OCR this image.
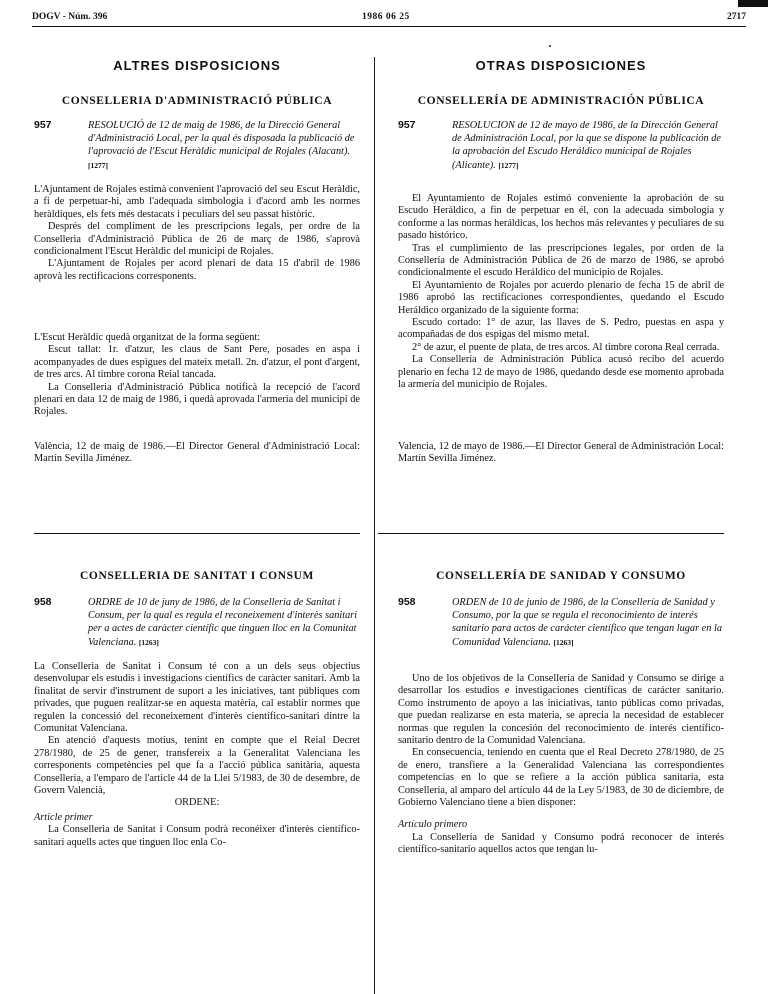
DOGV - Núm. 396	1986 06 25	2717
ALTRES DISPOSICIONS
CONSELLERIA D'ADMINISTRACIÓ PÚBLICA
957	RESOLUCIÓ de 12 de maig de 1986, de la Direcció General d'Administració Local, per la qual és disposada la publicació de l'aprovació de l'Escut Heràldic municipal de Rojales (Alacant). [1277]

L'Ajuntament de Rojales estimà convenient l'aprovació del seu Escut Heràldic, a fi de perpetuar-hi, amb l'adequada simbologia i d'acord amb les normes heràldiques, els fets més destacats i peculiars del seu passat històric.

Després del compliment de les prescripcions legals, per ordre de la Conselleria d'Administració Pública de 26 de març de 1986, s'aprovà condicionalment l'Escut Heràldic del municipi de Rojales.

L'Ajuntament de Rojales per acord plenari de data 15 d'abril de 1986 aprovà les rectificacions corresponents.

L'Escut Heràldic quedà organitzat de la forma següent:

Escut tallat: 1r. d'atzur, les claus de Sant Pere, posades en aspa i acompanyades de dues espigues del mateix metall. 2n. d'atzur, el pont d'argent, de tres arcs. Al timbre corona Reial tancada.

La Conselleria d'Administració Pública notificà la recepció de l'acord plenari en data 12 de maig de 1986, i quedà aprovada l'armeria del municipi de Rojales.

València, 12 de maig de 1986.—El Director General d'Administració Local: Martín Sevilla Jiménez.

CONSELLERIA DE SANITAT I CONSUM
958	ORDRE de 10 de juny de 1986, de la Conselleria de Sanitat i Consum, per la qual es regula el reconeixement d'interès sanitari per a actes de caràcter científic que tinguen lloc en la Comunitat Valenciana. [1263]

La Conselleria de Sanitat i Consum té con a un dels seus objectius desenvolupar els estudis i investigacions científics de caràcter sanitari. Amb la finalitat de servir d'instrument de suport a les iniciatives, tant públiques com privades, que puguen realitzar-se en aquesta matèria, cal establir normes que regulen la concessió del reconeixement d'interès científico-sanitari dintre la Comunitat Valenciana.

En atenció d'aquests motius, tenint en compte que el Reial Decret 278/1980, de 25 de gener, transfereix a la Generalitat Valenciana les corresponents competències pel que fa a l'acció pública sanitària, aquesta Conselleria, a l'emparo de l'article 44 de la Llei 5/1983, de 30 de desembre, de Govern Valencià,

ORDENE:

Article primer

La Conselleria de Sanitat i Consum podrà reconéixer d'interès científico-sanitari aquells actes que tinguen lloc enla Co-

OTRAS DISPOSICIONES
CONSELLERÍA DE ADMINISTRACIÓN PÚBLICA
957	RESOLUCION de 12 de mayo de 1986, de la Dirección General de Administración Local, por la que se dispone la publicación de la aprobación del Escudo Heráldico municipal de Rojales (Alicante). [1277]

El Ayuntamiento de Rojales estimó conveniente la aprobación de su Escudo Heráldico, a fin de perpetuar en él, con la adecuada simbología y conforme a las normas heráldicas, los hechos más relevantes y peculiares de su pasado histórico.

Tras el cumplimiento de las prescripciones legales, por orden de la Consellería de Administración Pública de 26 de marzo de 1986, se aprobó condicionalmente el escudo Heráldico del municipio de Rojales.

El Ayuntamiento de Rojales por acuerdo plenario de fecha 15 de abril de 1986 aprobó las rectificaciones correspondientes, quedando el Escudo Heráldico organizado de la siguiente forma:

Escudo cortado: 1° de azur, las llaves de S. Pedro, puestas en aspa y acompañadas de dos espigas del mismo metal.

2° de azur, el puente de plata, de tres arcos. Al timbre corona Real cerrada.

La Consellería de Administración Pública acusó recibo del acuerdo plenario en fecha 12 de mayo de 1986, quedando desde ese momento aprobada la armería del municipio de Rojales.

Valencia, 12 de mayo de 1986.—El Director General de Administración Local: Martín Sevilla Jiménez.

CONSELLERÍA DE SANIDAD Y CONSUMO
958	ORDEN de 10 de junio de 1986, de la Consellería de Sanidad y Consumo, por la que se regula el reconocimiento de interés sanitario para actos de carácter científico que tengan lugar en la Comunidad Valenciana. [1263]

Uno de los objetivos de la Consellería de Sanidad y Consumo se dirige a desarrollar los estudios e investigaciones científicas de carácter sanitario. Como instrumento de apoyo a las iniciativas, tanto públicas como privadas, que puedan realizarse en esta materia, se aprecia la necesidad de establecer normas que regulen la concesión del reconocimiento de interés científico-sanitario dentro de la Comunidad Valenciana.

En consecuencia, teniendo en cuenta que el Real Decreto 278/1980, de 25 de enero, transfiere a la Generalidad Valenciana las correspondientes competencias en lo que se refiere a la acción pública sanitaria, esta Consellería, al amparo del artículo 44 de la Ley 5/1983, de 30 de diciembre, de Gobierno Valenciano tiene a bien disponer:

Artículo primero

La Consellería de Sanidad y Consumo podrá reconocer de interés científico-sanitario aquellos actos que tengan lu-
